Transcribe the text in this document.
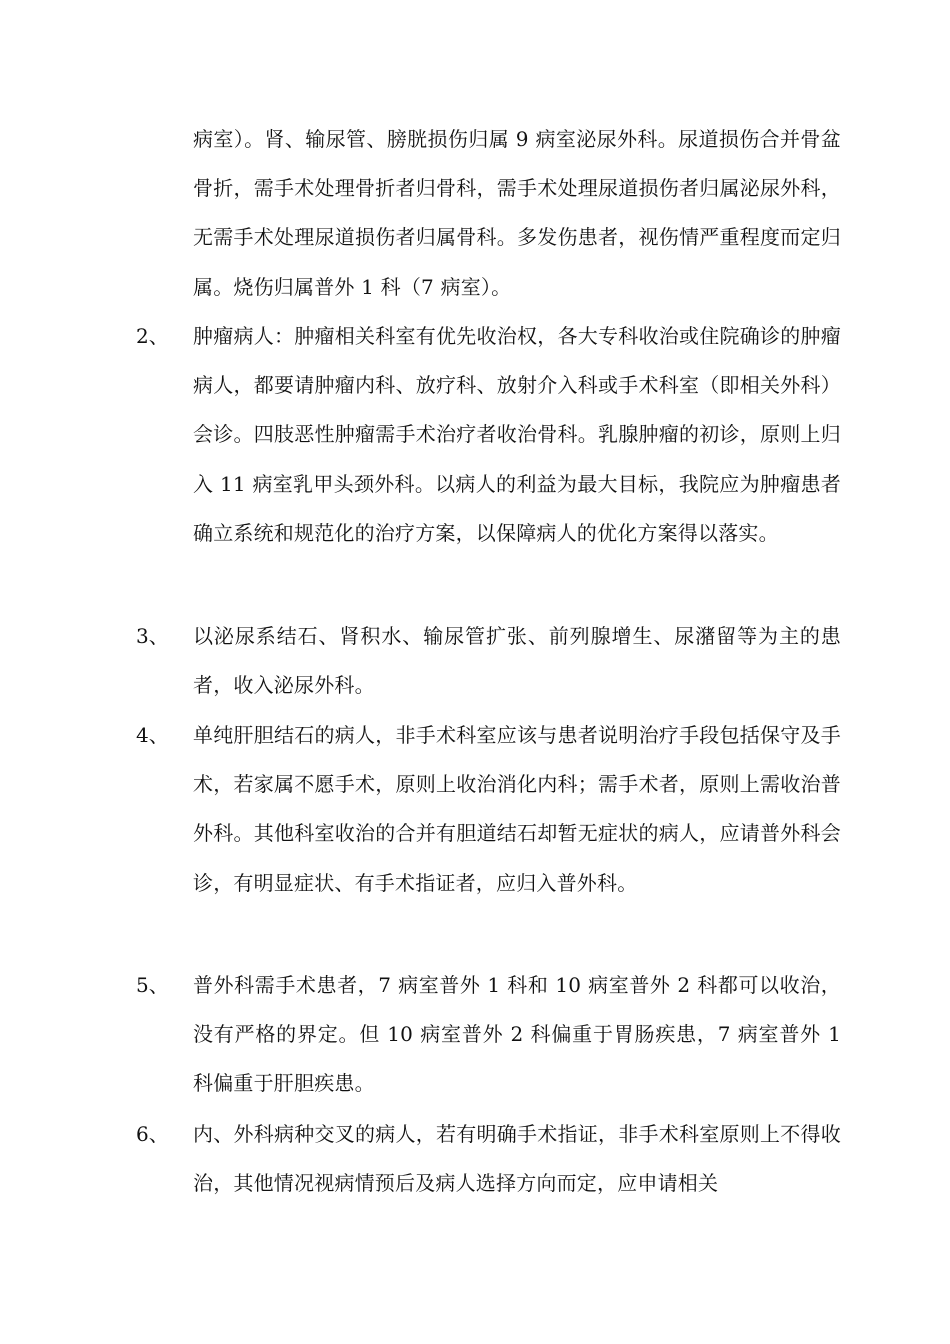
病室）。肾、输尿管、膀胱损伤归属 9 病室泌尿外科。尿道损伤合并骨盆骨折，需手术处理骨折者归骨科，需手术处理尿道损伤者归属泌尿外科，无需手术处理尿道损伤者归属骨科。多发伤患者，视伤情严重程度而定归属。烧伤归属普外 1 科（7 病室）。
2、 肿瘤病人：肿瘤相关科室有优先收治权，各大专科收治或住院确诊的肿瘤病人，都要请肿瘤内科、放疗科、放射介入科或手术科室（即相关外科）会诊。四肢恶性肿瘤需手术治疗者收治骨科。乳腺肿瘤的初诊，原则上归入 11 病室乳甲头颈外科。以病人的利益为最大目标，我院应为肿瘤患者确立系统和规范化的治疗方案，以保障病人的优化方案得以落实。
3、 以泌尿系结石、肾积水、输尿管扩张、前列腺增生、尿潴留等为主的患者，收入泌尿外科。
4、 单纯肝胆结石的病人，非手术科室应该与患者说明治疗手段包括保守及手术，若家属不愿手术，原则上收治消化内科；需手术者，原则上需收治普外科。其他科室收治的合并有胆道结石却暂无症状的病人，应请普外科会诊，有明显症状、有手术指证者，应归入普外科。
5、 普外科需手术患者，7 病室普外 1 科和 10 病室普外 2 科都可以收治，没有严格的界定。但 10 病室普外 2 科偏重于胃肠疾患，7 病室普外 1 科偏重于肝胆疾患。
6、 内、外科病种交叉的病人，若有明确手术指证，非手术科室原则上不得收治，其他情况视病情预后及病人选择方向而定，应申请相关
